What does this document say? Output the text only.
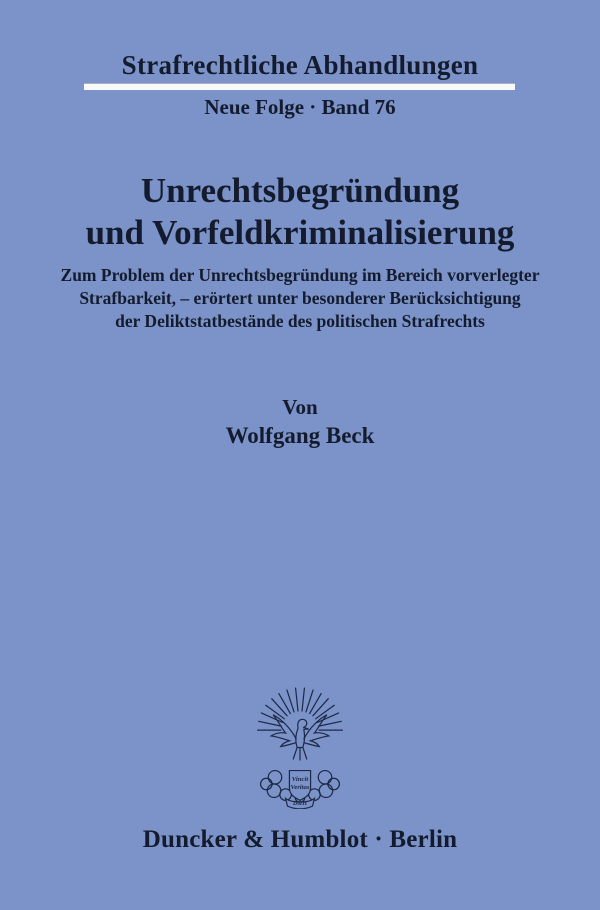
Strafrechtliche Abhandlungen
Neue Folge · Band 76
Unrechtsbegründung
und Vorfeldkriminalisierung
Zum Problem der Unrechtsbegründung im Bereich vorverlegter
Strafbarkeit, – erörtert unter besonderer Berücksichtigung
der Deliktstatbestände des politischen Strafrechts
Von
Wolfgang Beck
Vincit
Veritas
D&H
Duncker & Humblot · Berlin
